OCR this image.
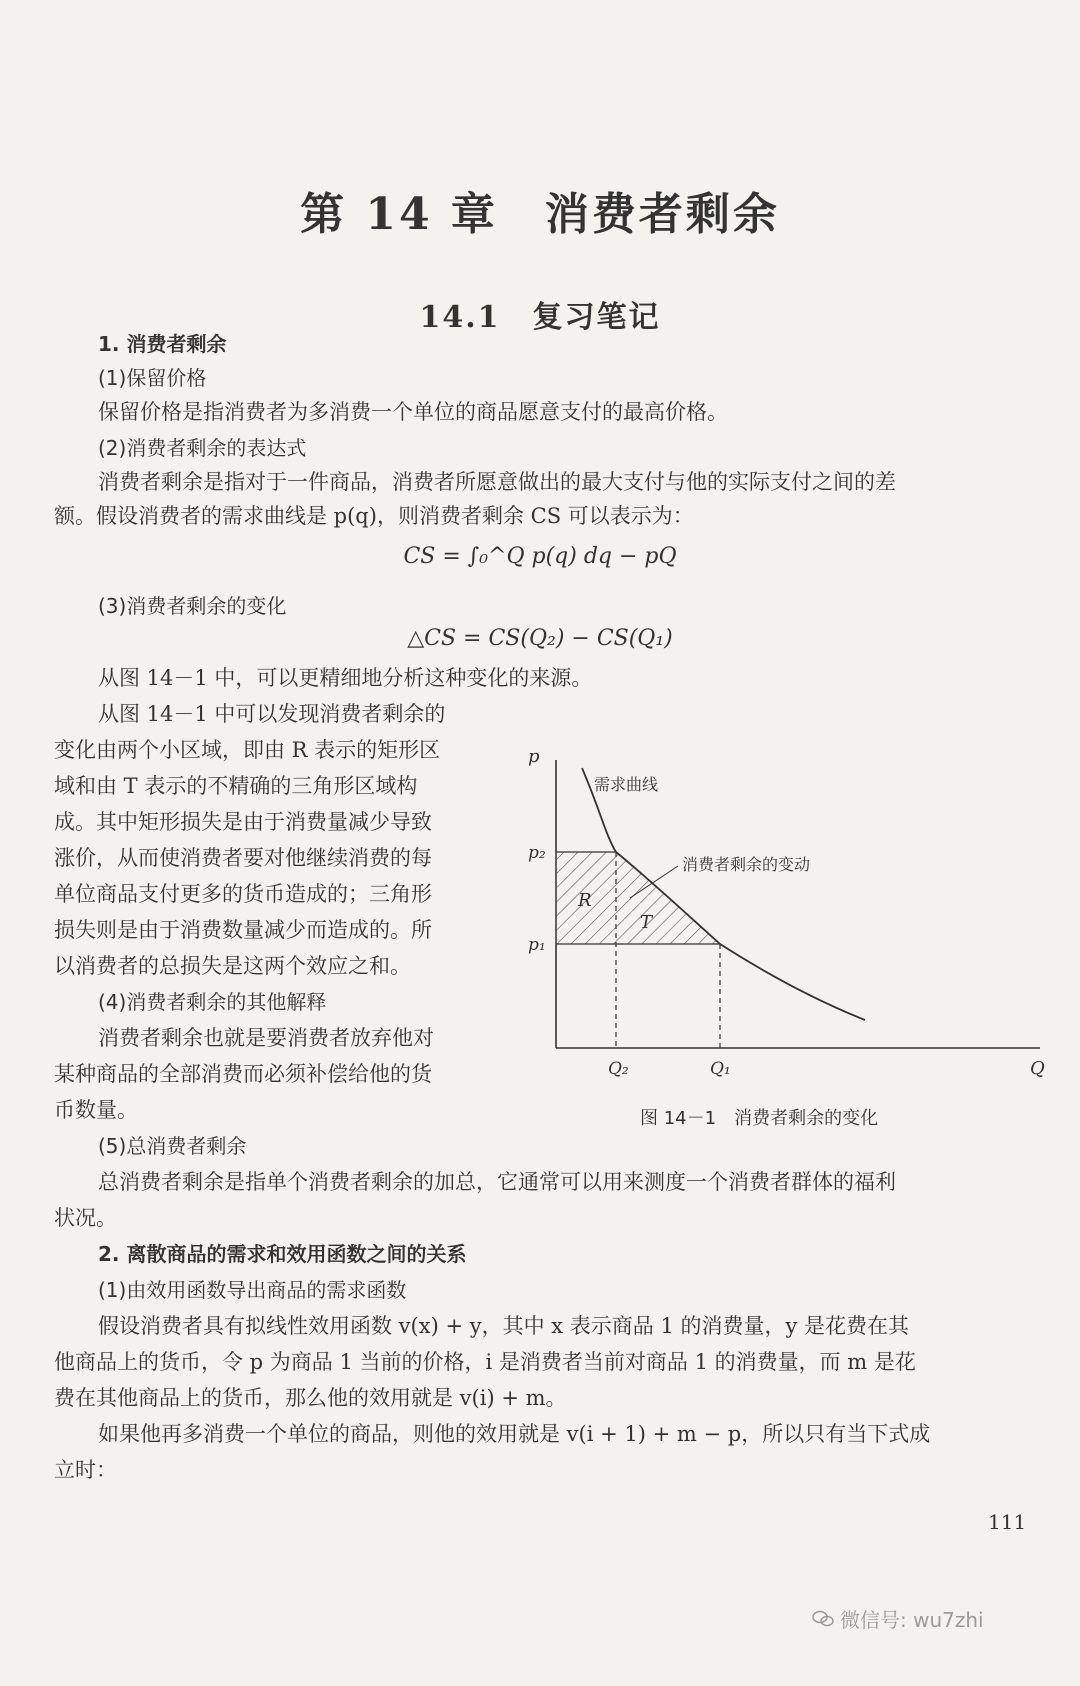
第 14 章　消费者剩余
14.1　复习笔记
1. 消费者剩余
(1)保留价格
保留价格是指消费者为多消费一个单位的商品愿意支付的最高价格。
(2)消费者剩余的表达式
消费者剩余是指对于一件商品，消费者所愿意做出的最大支付与他的实际支付之间的差
额。假设消费者的需求曲线是 p(q)，则消费者剩余 CS 可以表示为：
CS = ∫₀^Q p(q) dq − pQ
(3)消费者剩余的变化
△CS = CS(Q₂) − CS(Q₁)
从图 14－1 中，可以更精细地分析这种变化的来源。
从图 14－1 中可以发现消费者剩余的
变化由两个小区域，即由 R 表示的矩形区
域和由 T 表示的不精确的三角形区域构
成。其中矩形损失是由于消费量减少导致
涨价，从而使消费者要对他继续消费的每
单位商品支付更多的货币造成的；三角形
损失则是由于消费数量减少而造成的。所
以消费者的总损失是这两个效应之和。
(4)消费者剩余的其他解释
消费者剩余也就是要消费者放弃他对
某种商品的全部消费而必须补偿给他的货
币数量。
(5)总消费者剩余
总消费者剩余是指单个消费者剩余的加总，它通常可以用来测度一个消费者群体的福利
状况。
2. 离散商品的需求和效用函数之间的关系
(1)由效用函数导出商品的需求函数
假设消费者具有拟线性效用函数 v(x) + y，其中 x 表示商品 1 的消费量，y 是花费在其
他商品上的货币，令 p 为商品 1 当前的价格，i 是消费者当前对商品 1 的消费量，而 m 是花
费在其他商品上的货币，那么他的效用就是 v(i) + m。
如果他再多消费一个单位的商品，则他的效用就是 v(i + 1) + m − p，所以只有当下式成
立时：
p
Q
p₂
p₁
Q₂	Q₁
需求曲线
消费者剩余的变动
R
T
图 14－1　消费者剩余的变化
111
微信号: wu7zhi
